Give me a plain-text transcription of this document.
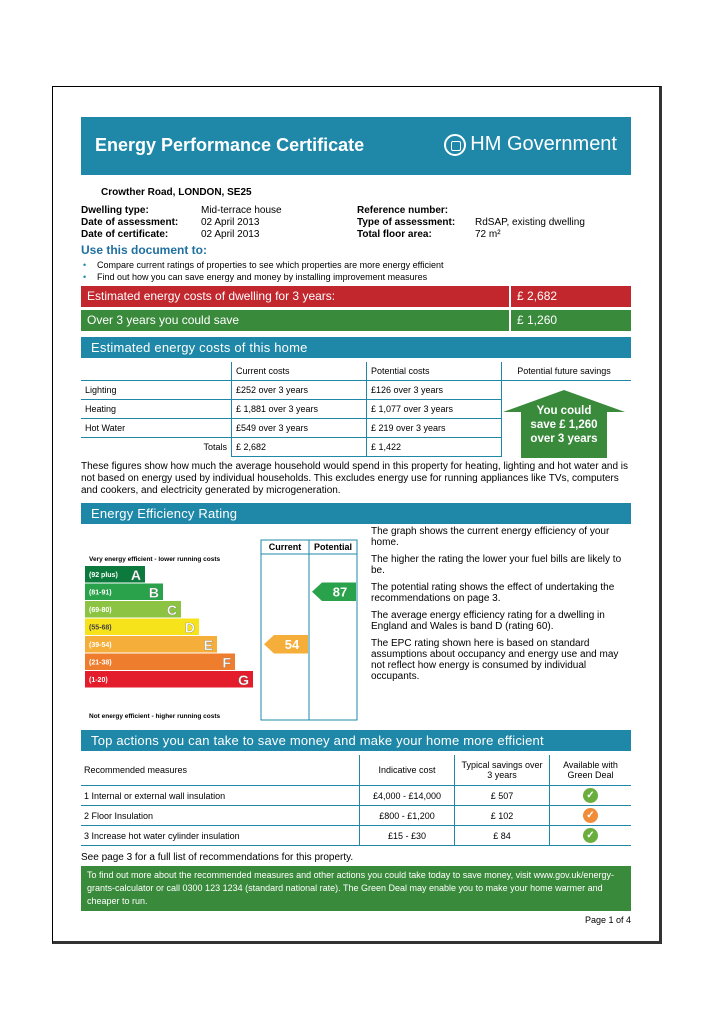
Energy Performance Certificate	HM Government
Crowther Road, LONDON, SE25
Dwelling type:	Mid-terrace house	Reference number:
Date of assessment:	02 April 2013	Type of assessment:	RdSAP, existing dwelling
Date of certificate:	02 April 2013	Total floor area:	72 m²
Use this document to:
• Compare current ratings of properties to see which properties are more energy efficient
• Find out how you can save energy and money by installing improvement measures
Estimated energy costs of dwelling for 3 years:	£ 2,682
Over 3 years you could save	£ 1,260
Estimated energy costs of this home
	Current costs	Potential costs
Lighting	£252 over 3 years	£126 over 3 years
Heating	£ 1,881 over 3 years	£ 1,077 over 3 years
Hot Water	£549 over 3 years	£ 219 over 3 years
Totals	£ 2,682	£ 1,422
Potential future savings
You could
save £ 1,260
over 3 years
These figures show how much the average household would spend in this property for heating, lighting and hot water and is not based on energy used by individual households. This excludes energy use for running appliances like TVs, computers and cookers, and electricity generated by microgeneration.
Energy Efficiency Rating
Current Potential
Very energy efficient - lower running costs
Not energy efficient - higher running costs
(92 plus) A
(81-91)	B
(69-80)	C
(55-68)	D
(39-54)	E
(21-38)	F
(1-20)	G
54
87

The graph shows the current energy efficiency of your home.

The higher the rating the lower your fuel bills are likely to be.

The potential rating shows the effect of undertaking the recommendations on page 3.

The average energy efficiency rating for a dwelling in England and Wales is band D (rating 60).

The EPC rating shown here is based on standard assumptions about occupancy and energy use and may not reflect how energy is consumed by individual occupants.

Top actions you can take to save money and make your home more efficient
Recommended measures	Indicative cost	Typical savings over 3 years	Available with Green Deal
1 Internal or external wall insulation	£4,000 - £14,000	£ 507	✓
2 Floor Insulation	£800 - £1,200	£ 102	✓
3 Increase hot water cylinder insulation	£15 - £30	£ 84	✓
See page 3 for a full list of recommendations for this property.
To find out more about the recommended measures and other actions you could take today to save money, visit www.gov.uk/energy-grants-calculator or call 0300 123 1234 (standard national rate). The Green Deal may enable you to make your home warmer and cheaper to run.
Page 1 of 4
